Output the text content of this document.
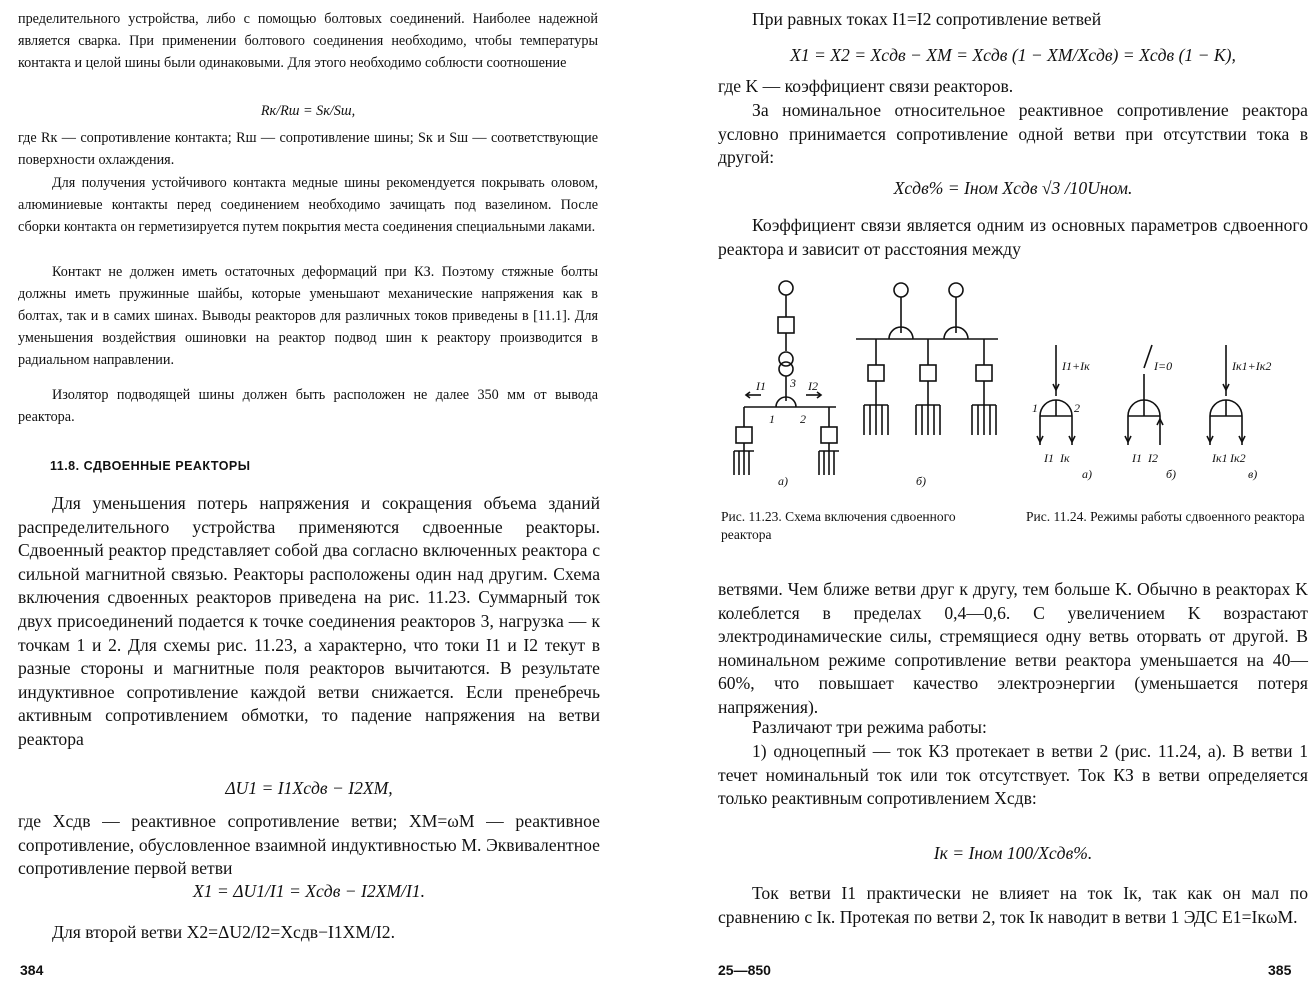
пределительного устройства, либо с помощью болтовых соединений. Наиболее надежной является сварка. При применении болтового соединения необходимо, чтобы температуры контакта и целой шины были одинаковыми. Для этого необходимо соблюсти соотношение

Rк/Rш = Sк/Sш,

где Rк — сопротивление контакта; Rш — сопротивление шины; Sк и Sш — соответствующие поверхности охлаждения.

Для получения устойчивого контакта медные шины рекомендуется покрывать оловом, алюминиевые контакты перед соединением необходимо зачищать под вазелином. После сборки контакта он герметизируется путем покрытия места соединения специальными лаками.

Контакт не должен иметь остаточных деформаций при КЗ. Поэтому стяжные болты должны иметь пружинные шайбы, которые уменьшают механические напряжения как в болтах, так и в самих шинах. Выводы реакторов для различных токов приведены в [11.1]. Для уменьшения воздействия ошиновки на реактор подвод шин к реактору производится в радиальном направлении.

Изолятор подводящей шины должен быть расположен не далее 350 мм от вывода реактора.

11.8. СДВОЕННЫЕ РЕАКТОРЫ

Для уменьшения потерь напряжения и сокращения объема зданий распределительного устройства применяются сдвоенные реакторы. Сдвоенный реактор представляет собой два согласно включенных реактора с сильной магнитной связью. Реакторы расположены один над другим. Схема включения сдвоенных реакторов приведена на рис. 11.23. Суммарный ток двух присоединений подается к точке соединения реакторов 3, нагрузка — к точкам 1 и 2. Для схемы рис. 11.23, а характерно, что токи I1 и I2 текут в разные стороны и магнитные поля реакторов вычитаются. В результате индуктивное сопротивление каждой ветви снижается. Если пренебречь активным сопротивлением обмотки, то падение напряжения на ветви реактора

ΔU1 = I1Xсдв − I2XM,

где Xсдв — реактивное сопротивление ветви; XM=ωM — реактивное сопротивление, обусловленное взаимной индуктивностью M. Эквивалентное сопротивление первой ветви

X1 = ΔU1/I1 = Xсдв − I2XM/I1.

Для второй ветви X2=ΔU2/I2=Xсдв−I1XM/I2.

384

При равных токах I1=I2 сопротивление ветвей

X1 = X2 = Xсдв − XM = Xсдв (1 − XM/Xсдв) = Xсдв (1 − K),

где K — коэффициент связи реакторов.

За номинальное относительное реактивное сопротивление реактора условно принимается сопротивление одной ветви при отсутствии тока в другой:

Xсдв% = Iном Xсдв √3 /10Uном.

Коэффициент связи является одним из основных параметров сдвоенного реактора и зависит от расстояния между

I1	I2
3
1 2
а)	б)
I1+Iк	I=0	Iк1+Iк2
1	2
I1 Iк	I1 I2	Iк1 Iк2
а)	б)	в)

Рис. 11.23. Схема включения сдвоенного реактора

Рис. 11.24. Режимы работы сдвоенного реактора

ветвями. Чем ближе ветви друг к другу, тем больше K. Обычно в реакторах K колеблется в пределах 0,4—0,6. С увеличением K возрастают электродинамические силы, стремящиеся одну ветвь оторвать от другой. В номинальном режиме сопротивление ветви реактора уменьшается на 40— 60%, что повышает качество электроэнергии (уменьшается потеря напряжения).

Различают три режима работы:

1) одноцепный — ток КЗ протекает в ветви 2 (рис. 11.24, а). В ветви 1 течет номинальный ток или ток отсутствует. Ток КЗ в ветви определяется только реактивным сопротивлением Xсдв:

Iк = Iном 100/Xсдв%.

Ток ветви I1 практически не влияет на ток Iк, так как он мал по сравнению с Iк. Протекая по ветви 2, ток Iк наводит в ветви 1 ЭДС E1=IкωM.

25—850	385
